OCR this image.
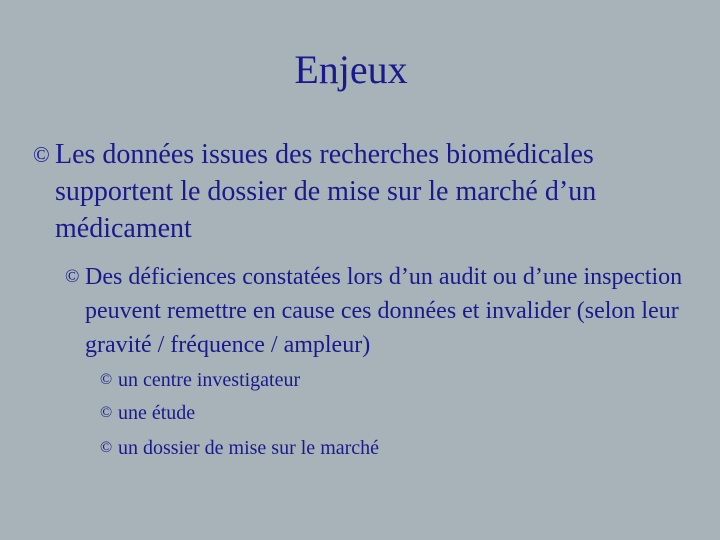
Enjeux
© Les données issues des recherches biomédicales supportent le dossier de mise sur le marché d’un médicament
© Des déficiences constatées lors d’un audit ou d’une inspection peuvent remettre en cause ces données et invalider (selon leur gravité / fréquence / ampleur)
© un centre investigateur
© une étude
© un dossier de mise sur le marché
